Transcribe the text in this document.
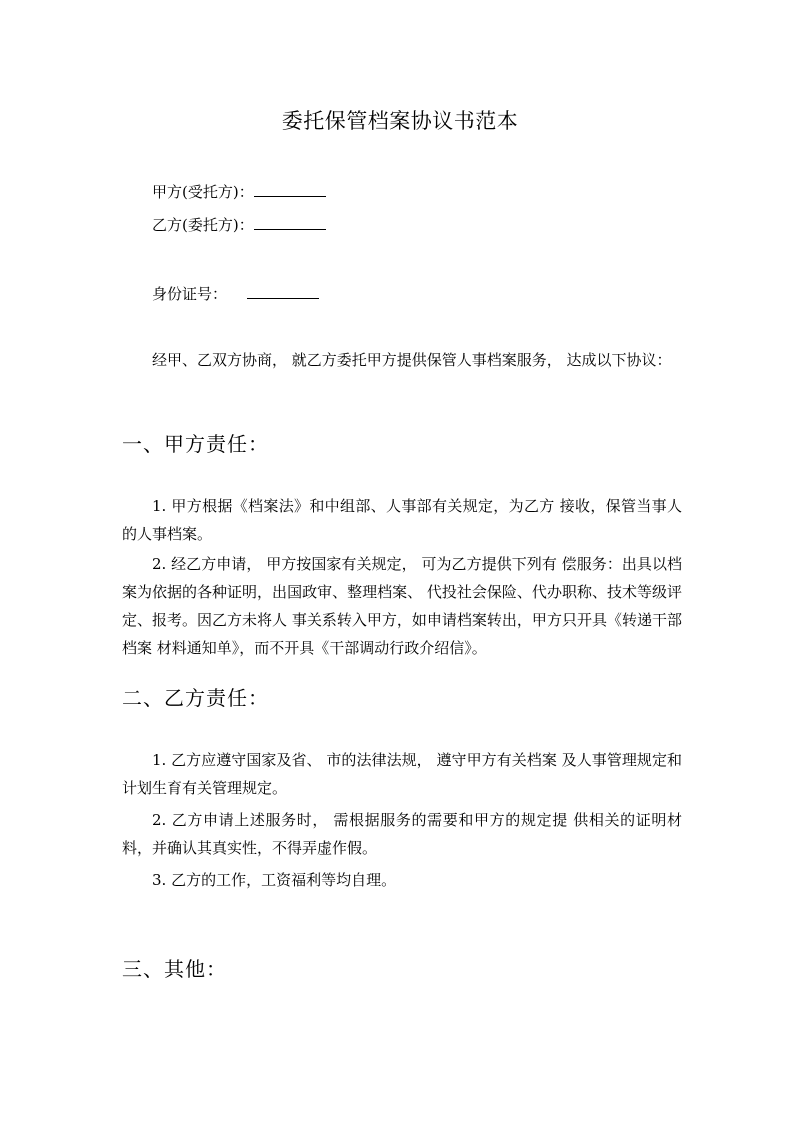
委托保管档案协议书范本
甲方(受托方)：
乙方(委托方)：
身份证号：
经甲、乙双方协商， 就乙方委托甲方提供保管人事档案服务， 达成以下协议：
一、甲方责任：
1. 甲方根据《档案法》和中组部、人事部有关规定，为乙方 接收，保管当事人的人事档案。
2. 经乙方申请， 甲方按国家有关规定， 可为乙方提供下列有 偿服务：出具以档案为依据的各种证明，出国政审、整理档案、 代投社会保险、代办职称、技术等级评定、报考。因乙方未将人 事关系转入甲方，如申请档案转出，甲方只开具《转递干部档案 材料通知单》，而不开具《干部调动行政介绍信》。
二、乙方责任：
1. 乙方应遵守国家及省、 市的法律法规， 遵守甲方有关档案 及人事管理规定和计划生育有关管理规定。
2. 乙方申请上述服务时， 需根据服务的需要和甲方的规定提 供相关的证明材料，并确认其真实性，不得弄虚作假。
3. 乙方的工作，工资福利等均自理。
三、其他：
